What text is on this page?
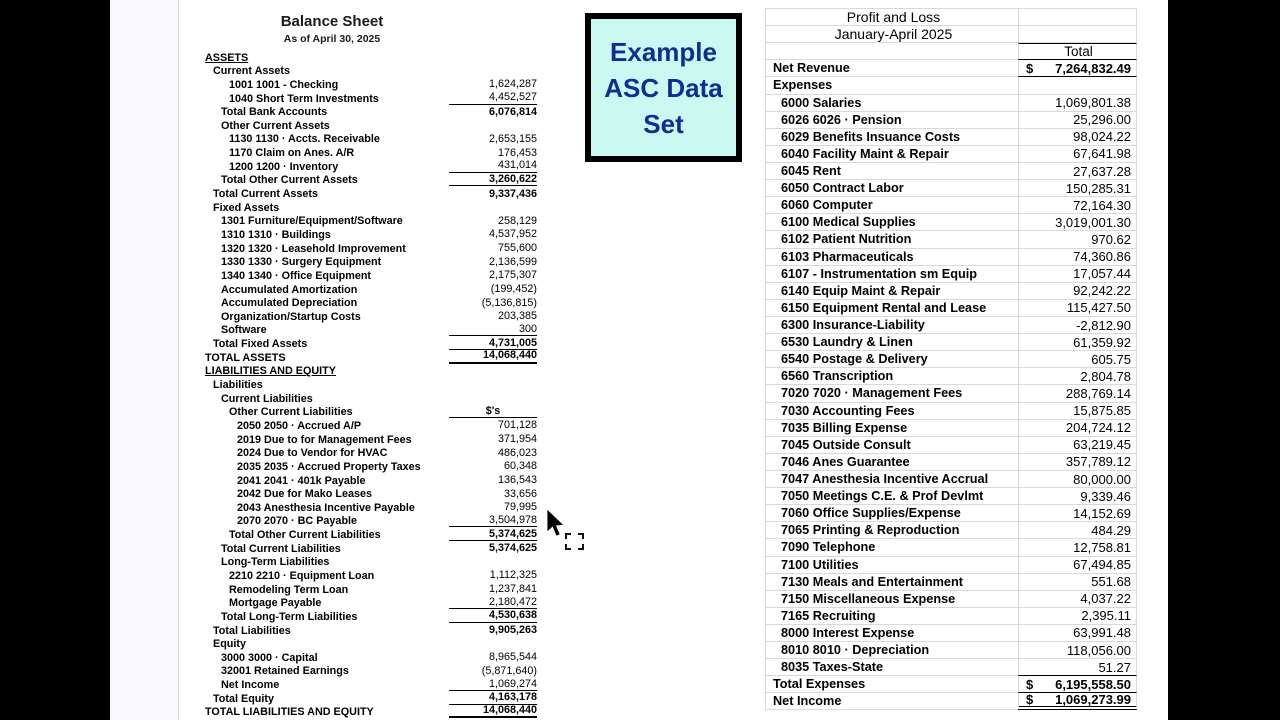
Balance Sheet
As of April 30, 2025
ASSETS
Current Assets
1001 1001 - Checking	1,624,287
1040 Short Term Investments	4,452,527
Total Bank Accounts	6,076,814
Other Current Assets
1130 1130 · Accts. Receivable	2,653,155
1170 Claim on Anes. A/R	176,453
1200 1200 · Inventory	431,014
Total Other Current Assets	3,260,622
Total Current Assets	9,337,436
Fixed Assets
1301 Furniture/Equipment/Software	258,129
1310 1310 · Buildings	4,537,952
1320 1320 · Leasehold Improvement	755,600
1330 1330 · Surgery Equipment	2,136,599
1340 1340 · Office Equipment	2,175,307
Accumulated Amortization	(199,452)
Accumulated Depreciation	(5,136,815)
Organization/Startup Costs	203,385
Software	300
Total Fixed Assets	4,731,005
TOTAL ASSETS	14,068,440
LIABILITIES AND EQUITY
Liabilities
Current Liabilities
Other Current Liabilities	$'s
2050 2050 · Accrued A/P	701,128
2019 Due to for Management Fees	371,954
2024 Due to Vendor for HVAC	486,023
2035 2035 · Accrued Property Taxes	60,348
2041 2041 · 401k Payable	136,543
2042 Due for Mako Leases	33,656
2043 Anesthesia Incentive Payable	79,995
2070 2070 · BC Payable	3,504,978
Total Other Current Liabilities	5,374,625
Total Current Liabilities	5,374,625
Long-Term Liabilities
2210 2210 · Equipment Loan	1,112,325
Remodeling Term Loan	1,237,841
Mortgage Payable	2,180,472
Total Long-Term Liabilities	4,530,638
Total Liabilities	9,905,263
Equity
3000 3000 · Capital	8,965,544
32001 Retained Earnings	(5,871,640)
Net Income	1,069,274
Total Equity	4,163,178
TOTAL LIABILITIES AND EQUITY	14,068,440
Example
ASC Data
Set
Profit and Loss
January-April 2025
Total
Net Revenue	$ 7,264,832.49
Expenses
6000 Salaries	1,069,801.38
6026 6026 · Pension	25,296.00
6029 Benefits Insuance Costs	98,024.22
6040 Facility Maint & Repair	67,641.98
6045 Rent	27,637.28
6050 Contract Labor	150,285.31
6060 Computer	72,164.30
6100 Medical Supplies	3,019,001.30
6102 Patient Nutrition	970.62
6103 Pharmaceuticals	74,360.86
6107 - Instrumentation sm Equip	17,057.44
6140 Equip Maint & Repair	92,242.22
6150 Equipment Rental and Lease	115,427.50
6300 Insurance-Liability	-2,812.90
6530 Laundry & Linen	61,359.92
6540 Postage & Delivery	605.75
6560 Transcription	2,804.78
7020 7020 · Management Fees	288,769.14
7030 Accounting Fees	15,875.85
7035 Billing Expense	204,724.12
7045 Outside Consult	63,219.45
7046 Anes Guarantee	357,789.12
7047 Anesthesia Incentive Accrual	80,000.00
7050 Meetings C.E. & Prof Devlmt	9,339.46
7060 Office Supplies/Expense	14,152.69
7065 Printing & Reproduction	484.29
7090 Telephone	12,758.81
7100 Utilities	67,494.85
7130 Meals and Entertainment	551.68
7150 Miscellaneous Expense	4,037.22
7165 Recruiting	2,395.11
8000 Interest Expense	63,991.48
8010 8010 · Depreciation	118,056.00
8035 Taxes-State	51.27
Total Expenses	$ 6,195,558.50
Net Income	$ 1,069,273.99
